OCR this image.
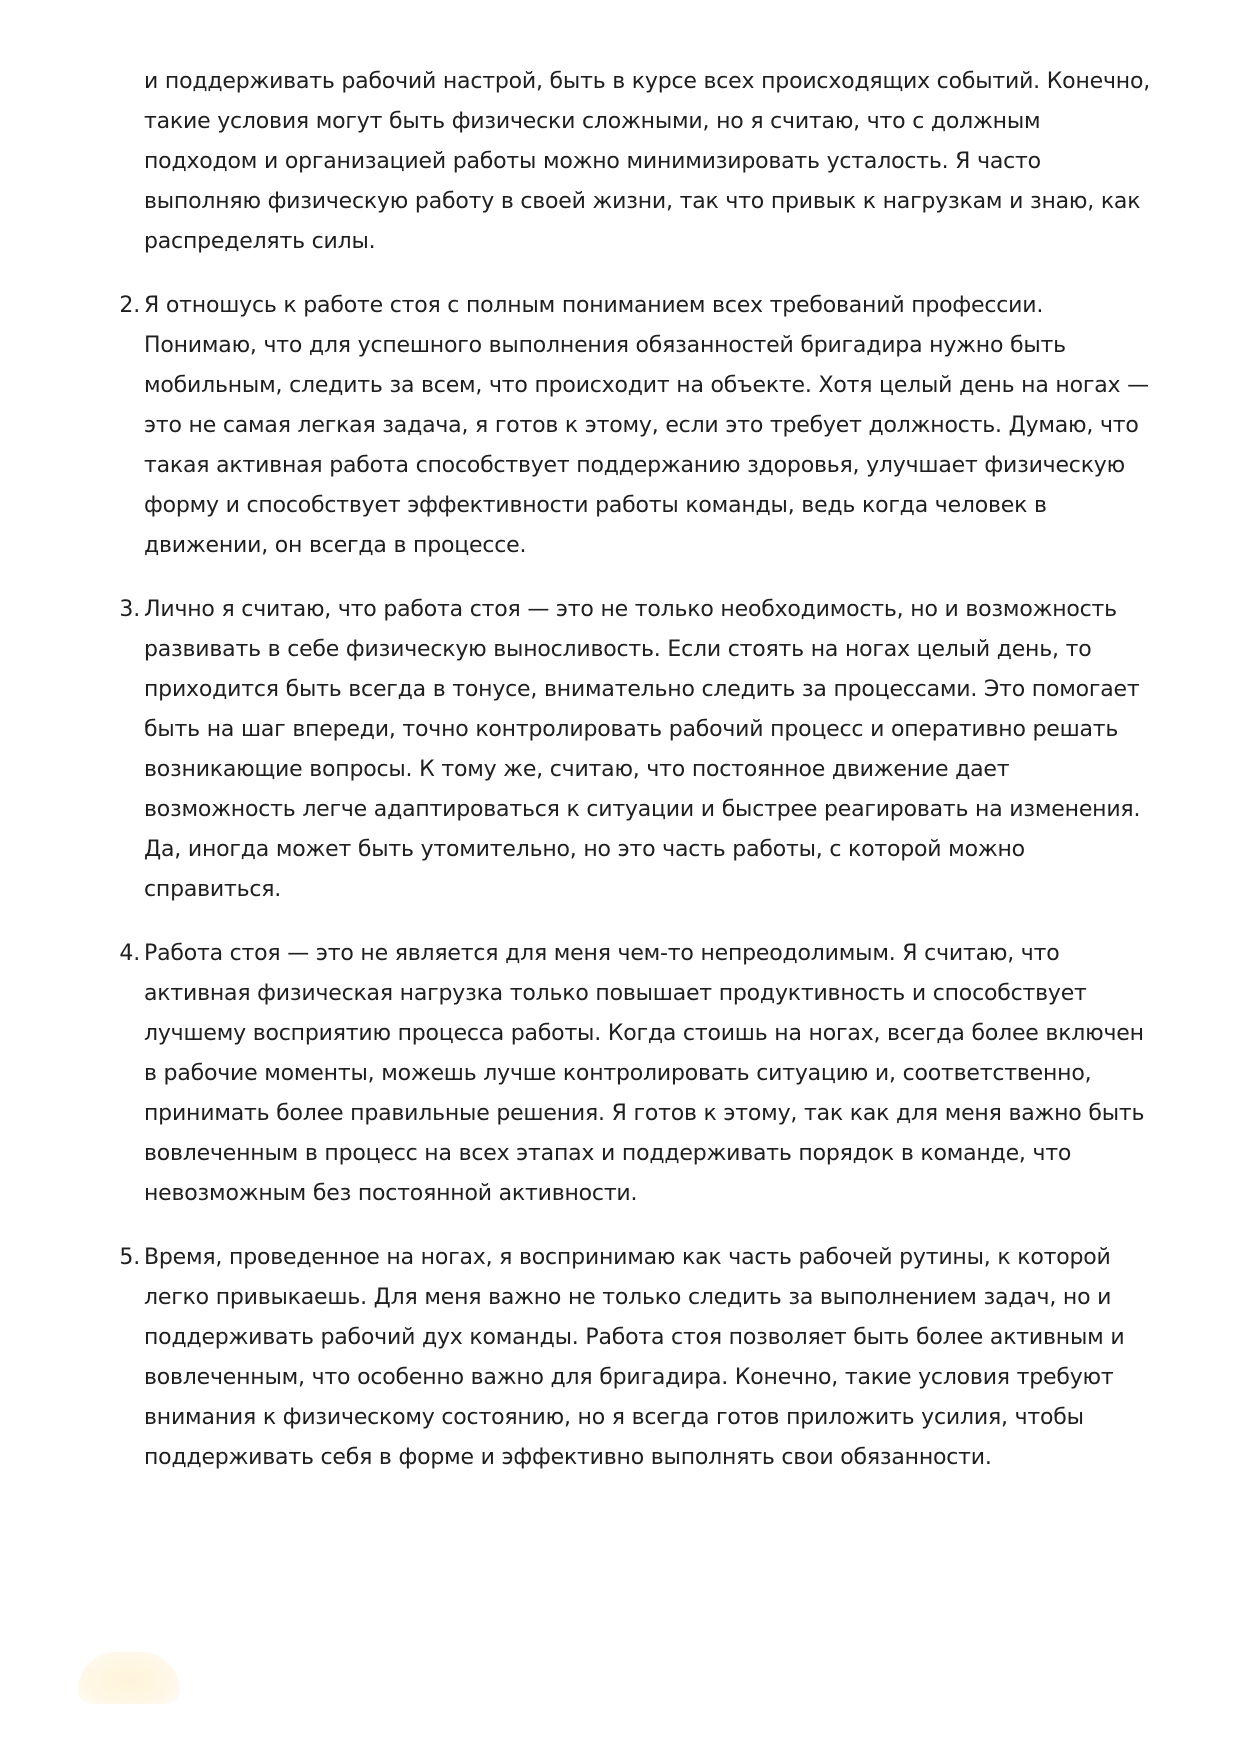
и поддерживать рабочий настрой, быть в курсе всех происходящих событий. Конечно,
такие условия могут быть физически сложными, но я считаю, что с должным
подходом и организацией работы можно минимизировать усталость. Я часто
выполняю физическую работу в своей жизни, так что привык к нагрузкам и знаю, как
распределять силы.
2. Я отношусь к работе стоя с полным пониманием всех требований профессии.
Понимаю, что для успешного выполнения обязанностей бригадира нужно быть
мобильным, следить за всем, что происходит на объекте. Хотя целый день на ногах —
это не самая легкая задача, я готов к этому, если это требует должность. Думаю, что
такая активная работа способствует поддержанию здоровья, улучшает физическую
форму и способствует эффективности работы команды, ведь когда человек в
движении, он всегда в процессе.
3. Лично я считаю, что работа стоя — это не только необходимость, но и возможность
развивать в себе физическую выносливость. Если стоять на ногах целый день, то
приходится быть всегда в тонусе, внимательно следить за процессами. Это помогает
быть на шаг впереди, точно контролировать рабочий процесс и оперативно решать
возникающие вопросы. К тому же, считаю, что постоянное движение дает
возможность легче адаптироваться к ситуации и быстрее реагировать на изменения.
Да, иногда может быть утомительно, но это часть работы, с которой можно
справиться.
4. Работа стоя — это не является для меня чем-то непреодолимым. Я считаю, что
активная физическая нагрузка только повышает продуктивность и способствует
лучшему восприятию процесса работы. Когда стоишь на ногах, всегда более включен
в рабочие моменты, можешь лучше контролировать ситуацию и, соответственно,
принимать более правильные решения. Я готов к этому, так как для меня важно быть
вовлеченным в процесс на всех этапах и поддерживать порядок в команде, что
невозможным без постоянной активности.
5. Время, проведенное на ногах, я воспринимаю как часть рабочей рутины, к которой
легко привыкаешь. Для меня важно не только следить за выполнением задач, но и
поддерживать рабочий дух команды. Работа стоя позволяет быть более активным и
вовлеченным, что особенно важно для бригадира. Конечно, такие условия требуют
внимания к физическому состоянию, но я всегда готов приложить усилия, чтобы
поддерживать себя в форме и эффективно выполнять свои обязанности.
